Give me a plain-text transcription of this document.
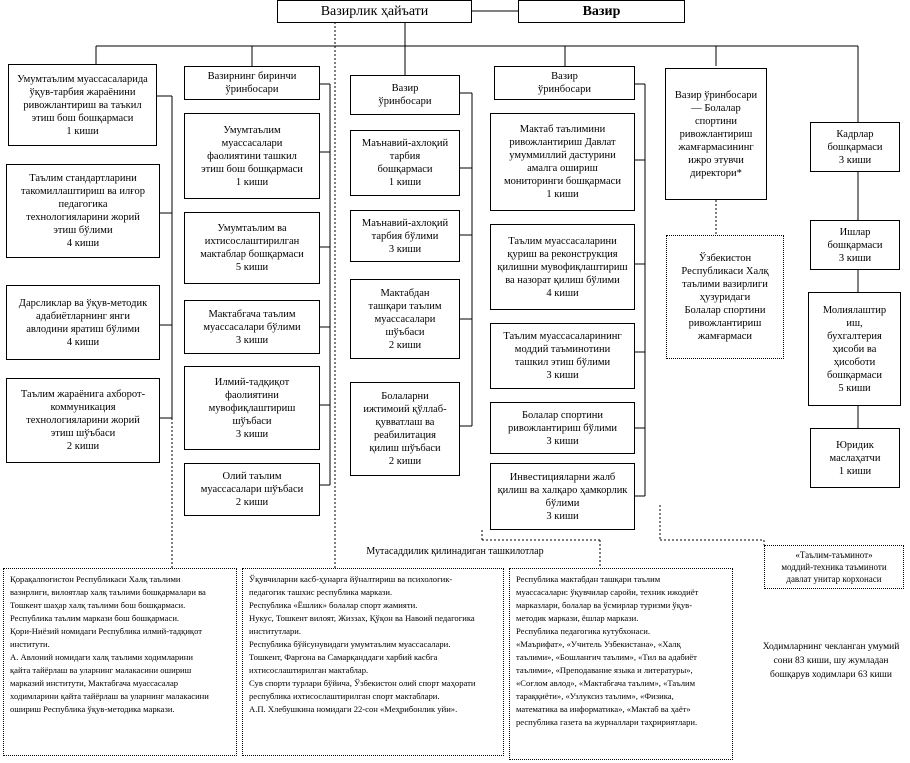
Вазирлик ҳайъати	Вазир
Умумтаълим муассасаларида
ўқув-тарбия жараёнини
ривожлантириш ва таъкил
этиш бош бошқармаси
1 киши
Таълим стандартларини
такомиллаштириш ва илғор
педагогика
технологияларини жорий
этиш бўлими
4 киши
Дарсликлар ва ўқув-методик
адабиётларнинг янги
авлодини яратиш бўлими
4 киши
Таълим жараёнига ахборот-
коммуникация
технологияларини жорий
этиш шўъбаси
2 киши
Вазирнинг биринчи
ўринбосари
Умумтаълим
муассасалари
фаолиятини ташкил
этиш бош бошқармаси
1 киши
Умумтаълим ва
ихтисослаштирилган
мактаблар бошқармаси
5 киши
Мактабгача таълим
муассасалари бўлими
3 киши
Илмий-тадқиқот
фаолиятини
мувофиқлаштириш
шўъбаси
3 киши
Олий таълим
муассасалари шўъбаси
2 киши
Вазир
ўринбосари
Маънавий-ахлоқий
тарбия
бошқармаси
1 киши
Маънавий-ахлоқий
тарбия бўлими
3 киши
Мактабдан
ташқари таълим
муассасалари
шўъбаси
2 киши
Болаларни
ижтимоий қўллаб-
қувватлаш ва
реабилитация
қилиш шўъбаси
2 киши
Вазир
ўринбосари
Мактаб таълимини
ривожлантириш Давлат
умуммиллий дастурини
амалга ошириш
мониторинги бошқармаси
1 киши
Таълим муассасаларини
қуриш ва реконструкция
қилишни мувофиқлаштириш
ва назорат қилиш бўлими
4 киши
Таълим муассасаларининг
моддий таъминотини
ташкил этиш бўлими
3 киши
Болалар спортини
ривожлантириш бўлими
3 киши
Инвестицияларни жалб
қилиш ва халқаро ҳамкорлик
бўлими
3 киши
Вазир ўринбосари
— Болалар
спортини
ривожлантириш
жамғармасининг
ижро этувчи
директори*
Ўзбекистон
Республикаси Халқ
таълими вазирлиги
ҳузуридаги
Болалар спортини
ривожлантириш
жамғармаси
Кадрлар
бошқармаси
3 киши
Ишлар
бошқармаси
3 киши
Молиялаштир
иш,
бухгалтерия
ҳисоби ва
ҳисоботи
бошқармаси
5 киши
Юридик
маслаҳатчи
1 киши
Мутасаддилик қилинадиган ташкилотлар	«Таълим-таъминот»
моддий-техника таъминоти
давлат унитар корхонаси
Ходимларнинг чекланган умумий
сони 83 киши, шу жумладан
бошқарув ходимлари 63 киши
Қорақалпоғистон Республикаси Халқ таълими
вазирлиги, вилоятлар халқ таълими бошқармалари ва
Тошкент шаҳар халқ таълими бош бошқармаси.
Республика таълим маркази бош бошқармаси.
Қори-Ниёзий номидаги Республика илмий-тадқиқот
институти.
А. Авлоний номидаги халқ таълими ходимларини
қайта тайёрлаш ва уларнинг малакасини ошириш
марказий институти, Мактабгача муассасалар
ходимларини қайта тайёрлаш ва уларнинг малакасини
ошириш Республика ўқув-методика маркази.
Ўқувчиларни касб-ҳунарга йўналтириш ва психологик-
педагогик ташхис республика маркази.
Республика «Ёшлик» болалар спорт жамияти.
Нукус, Тошкент вилоят, Жиззах, Қўқон ва Навоий педагогика
институтлари.
Республика бўйсунувидаги умумтаълим муассасалари.
Тошкент, Фарғона ва Самарқанддаги харбий касбга
ихтисослаштирилган мактаблар.
Сув спорти турлари бўйича, Ўзбекистон олий спорт маҳорати
республика ихтисослаштирилган спорт мактаблари.
А.П. Хлебушкина номидаги 22-сон «Меҳрибонлик уйи».
Республика мактабдан ташқари таълим
муассасалари: ўқувчилар саройи, техник ижодиёт
марказлари, болалар ва ўсмирлар туризми ўқув-
методик маркази, ёшлар маркази.
Республика педагогика кутубхонаси.
«Маърифат», «Учитель Узбекистана», «Халқ
таълими», «Бошланғич таълим», «Тил ва адабиёт
таълими», «Преподавание языка и литературы»,
«Соғлом авлод», «Мактабгача таълим», «Таълим
тараққиёти», «Узлуксиз таълим», «Физика,
математика ва информатика», «Мактаб ва ҳаёт»
республика газета ва журналлари таҳририятлари.
